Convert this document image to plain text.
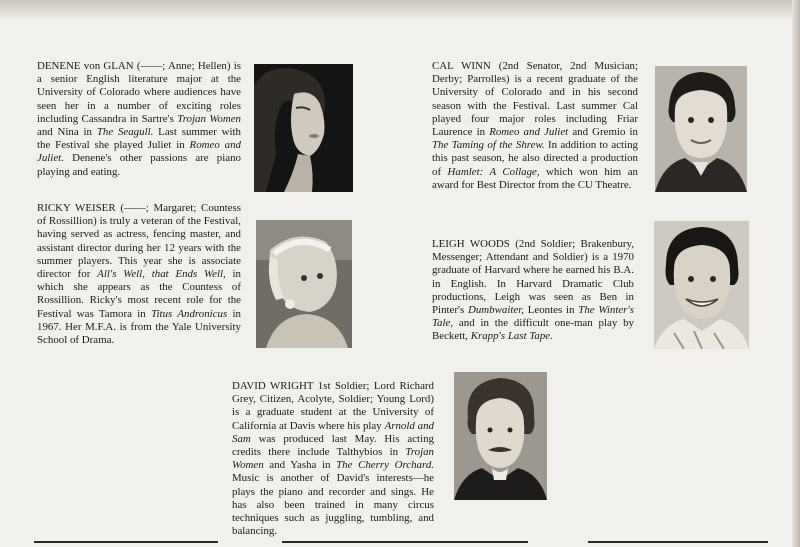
DENENE von GLAN (——; Anne; Hellen) is a senior English literature major at the University of Colorado where audiences have seen her in a number of exciting roles including Cassandra in Sartre's Trojan Women and Nina in The Seagull. Last summer with the Festival she played Juliet in Romeo and Juliet. Denene's other passions are piano playing and eating.
RICKY WEISER (——; Margaret; Countess of Rossillion) is truly a veteran of the Festival, having served as actress, fencing master, and assistant director during her 12 years with the summer players. This year she is associate director for All's Well, that Ends Well, in which she appears as the Countess of Rossillion. Ricky's most recent role for the Festival was Tamora in Titus Andronicus in 1967. Her M.F.A. is from the Yale University School of Drama.
CAL WINN (2nd Senator, 2nd Musician; Derby; Parrolles) is a recent graduate of the University of Colorado and in his second season with the Festival. Last summer Cal played four major roles including Friar Laurence in Romeo and Juliet and Gremio in The Taming of the Shrew. In addition to acting this past season, he also directed a production of Hamlet: A Collage, which won him an award for Best Director from the CU Theatre.
LEIGH WOODS (2nd Soldier; Brakenbury, Messenger; Attendant and Soldier) is a 1970 graduate of Harvard where he earned his B.A. in English. In Harvard Dramatic Club productions, Leigh was seen as Ben in Pinter's Dumbwaiter, Leontes in The Winter's Tale, and in the difficult one-man play by Beckett, Krapp's Last Tape.
DAVID WRIGHT 1st Soldier; Lord Richard Grey, Citizen, Acolyte, Soldier; Young Lord) is a graduate student at the University of California at Davis where his play Arnold and Sam was produced last May. His acting credits there include Talthybios in Trojan Women and Yasha in The Cherry Orchard. Music is another of David's interests—he plays the piano and recorder and sings. He has also been trained in many circus techniques such as juggling, tumbling, and balancing.
